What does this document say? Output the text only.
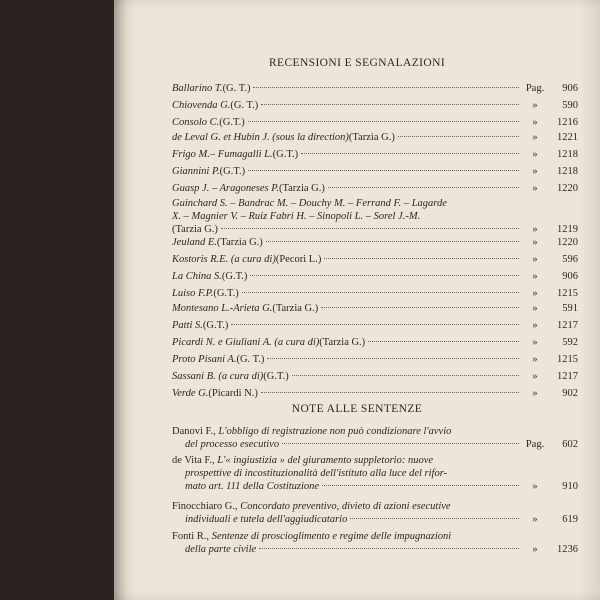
RECENSIONI E SEGNALAZIONI
Ballarino T. (G. T.)	Pag.	906
Chiovenda G. (G. T.)	»	590
Consolo C. (G.T.)	»	1216
de Leval G. et Hubin J. (sous la direction) (Tarzia G.)	»	1221
Frigo M.– Fumagalli L. (G.T.)	»	1218
Giannini P. (G.T.)	»	1218
Guasp J. – Aragoneses P. (Tarzia G.)	»	1220
Guinchard S. – Bandrac M. – Douchy M. – Ferrand F. – Lagarde
X. – Magnier V. – Ruiz Fabri H. – Sinopoli L. – Sorel J.-M.
(Tarzia G.)	»	1219
Jeuland E. (Tarzia G.)	»	1220
Kostoris R.E. (a cura di) (Pecori L.)	»	596
La China S. (G.T.)	»	906
Luiso F.P. (G.T.)	»	1215
Montesano L.-Arieta G. (Tarzia G.)	»	591
Patti S. (G.T.)	»	1217
Picardi N. e Giuliani A. (a cura di) (Tarzia G.)	»	592
Proto Pisani A. (G. T.)	»	1215
Sassani B. (a cura di) (G.T.)	»	1217
Verde G. (Picardi N.)	»	902
NOTE ALLE SENTENZE
Danovi F., L'obbligo di registrazione non può condizionare l'avvio
del processo esecutivo	Pag.	602
de Vita F., L'« ingiustizia » del giuramento suppletorio: nuove
prospettive di incostituzionalità dell'istituto alla luce del rifor-
mato art. 111 della Costituzione	»	910
Finocchiaro G., Concordato preventivo, divieto di azioni esecutive
individuali e tutela dell'aggiudicatario	»	619
Fonti R., Sentenze di proscioglimento e regime delle impugnazioni
della parte civile	»	1236
